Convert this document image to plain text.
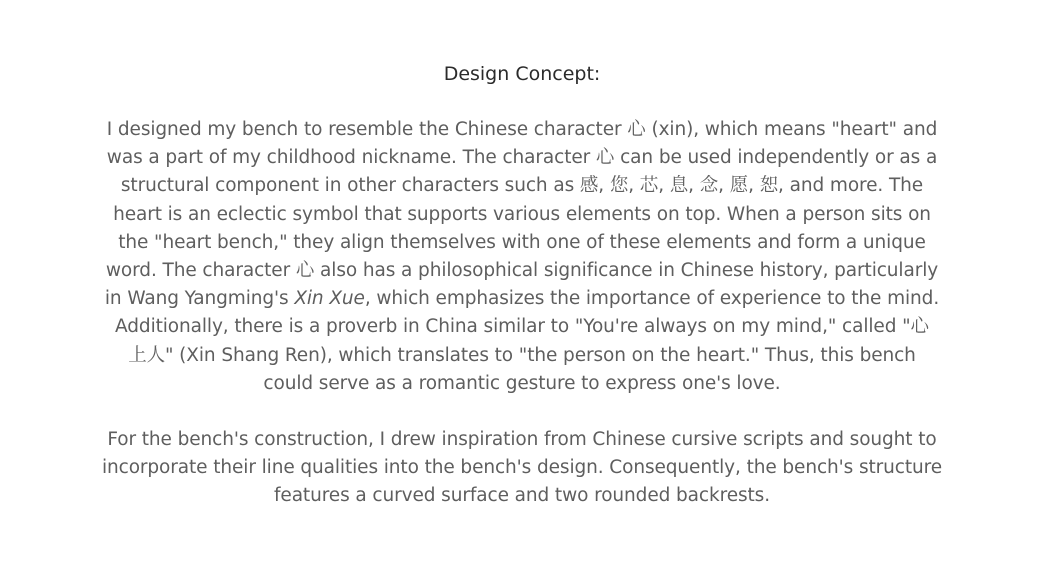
Design Concept:
I designed my bench to resemble the Chinese character 心 (xin), which means "heart" and
was a part of my childhood nickname. The character 心 can be used independently or as a
structural component in other characters such as 感, 您, 芯, 息, 念, 愿, 恕, and more. The
heart is an eclectic symbol that supports various elements on top. When a person sits on
the "heart bench," they align themselves with one of these elements and form a unique
word. The character 心 also has a philosophical significance in Chinese history, particularly
in Wang Yangming's Xin Xue, which emphasizes the importance of experience to the mind.
Additionally, there is a proverb in China similar to "You're always on my mind," called "心
上人" (Xin Shang Ren), which translates to "the person on the heart." Thus, this bench
could serve as a romantic gesture to express one's love.
For the bench's construction, I drew inspiration from Chinese cursive scripts and sought to
incorporate their line qualities into the bench's design. Consequently, the bench's structure
features a curved surface and two rounded backrests.
